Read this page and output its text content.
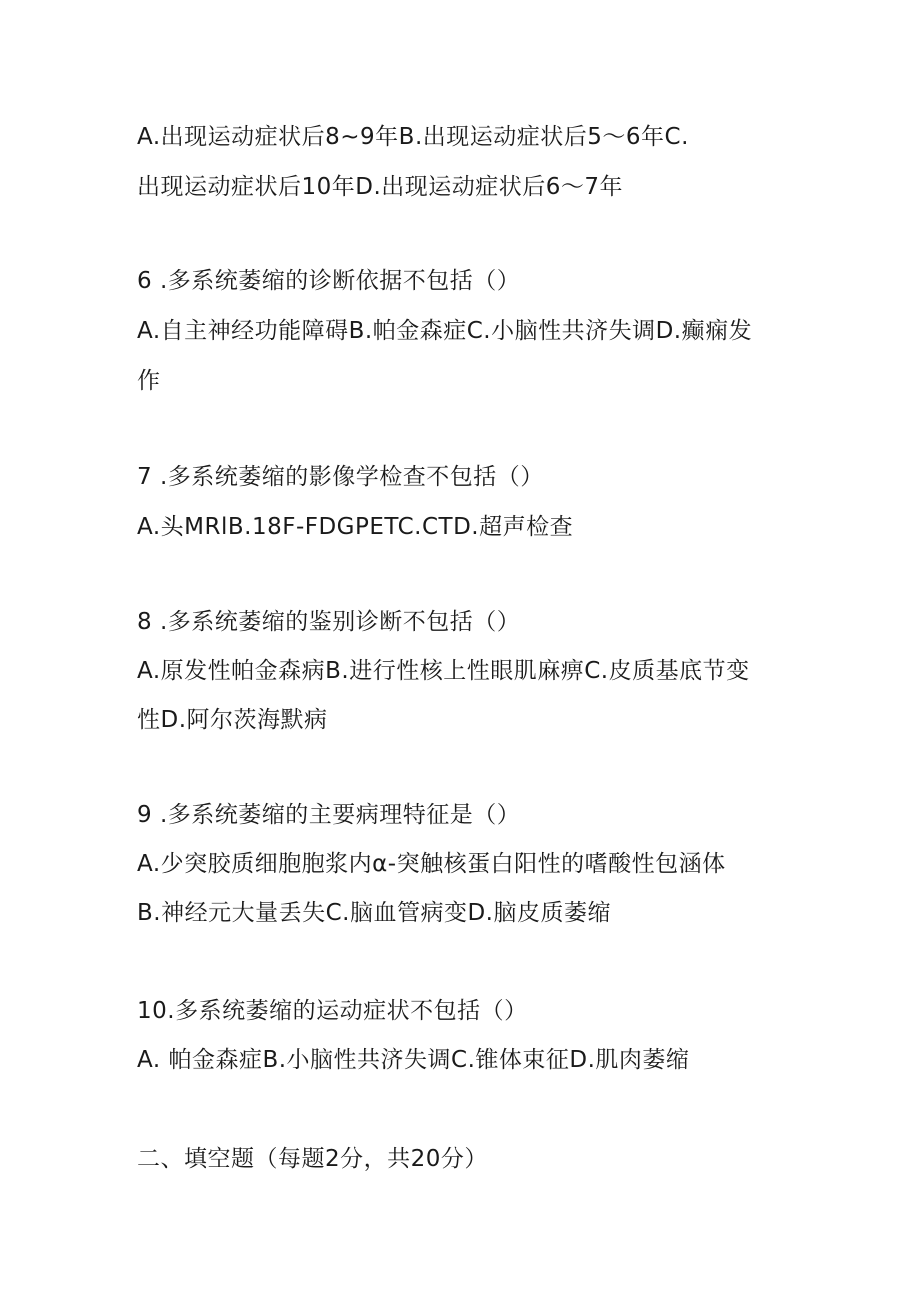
A.出现运动症状后8~9年B.出现运动症状后5～6年C.
出现运动症状后10年D.出现运动症状后6～7年
6 .多系统萎缩的诊断依据不包括（）
A.自主神经功能障碍B.帕金森症C.小脑性共济失调D.癫痫发
作
7 .多系统萎缩的影像学检查不包括（）
A.头MRlB.18F-FDGPETC.CTD.超声检查
8 .多系统萎缩的鉴别诊断不包括（）
A.原发性帕金森病B.进行性核上性眼肌麻痹C.皮质基底节变
性D.阿尔茨海默病
9 .多系统萎缩的主要病理特征是（）
A.少突胶质细胞胞浆内α-突触核蛋白阳性的嗜酸性包涵体
B.神经元大量丢失C.脑血管病变D.脑皮质萎缩
10.多系统萎缩的运动症状不包括（）
A. 帕金森症B.小脑性共济失调C.锥体束征D.肌肉萎缩
二、填空题（每题2分，共20分）
